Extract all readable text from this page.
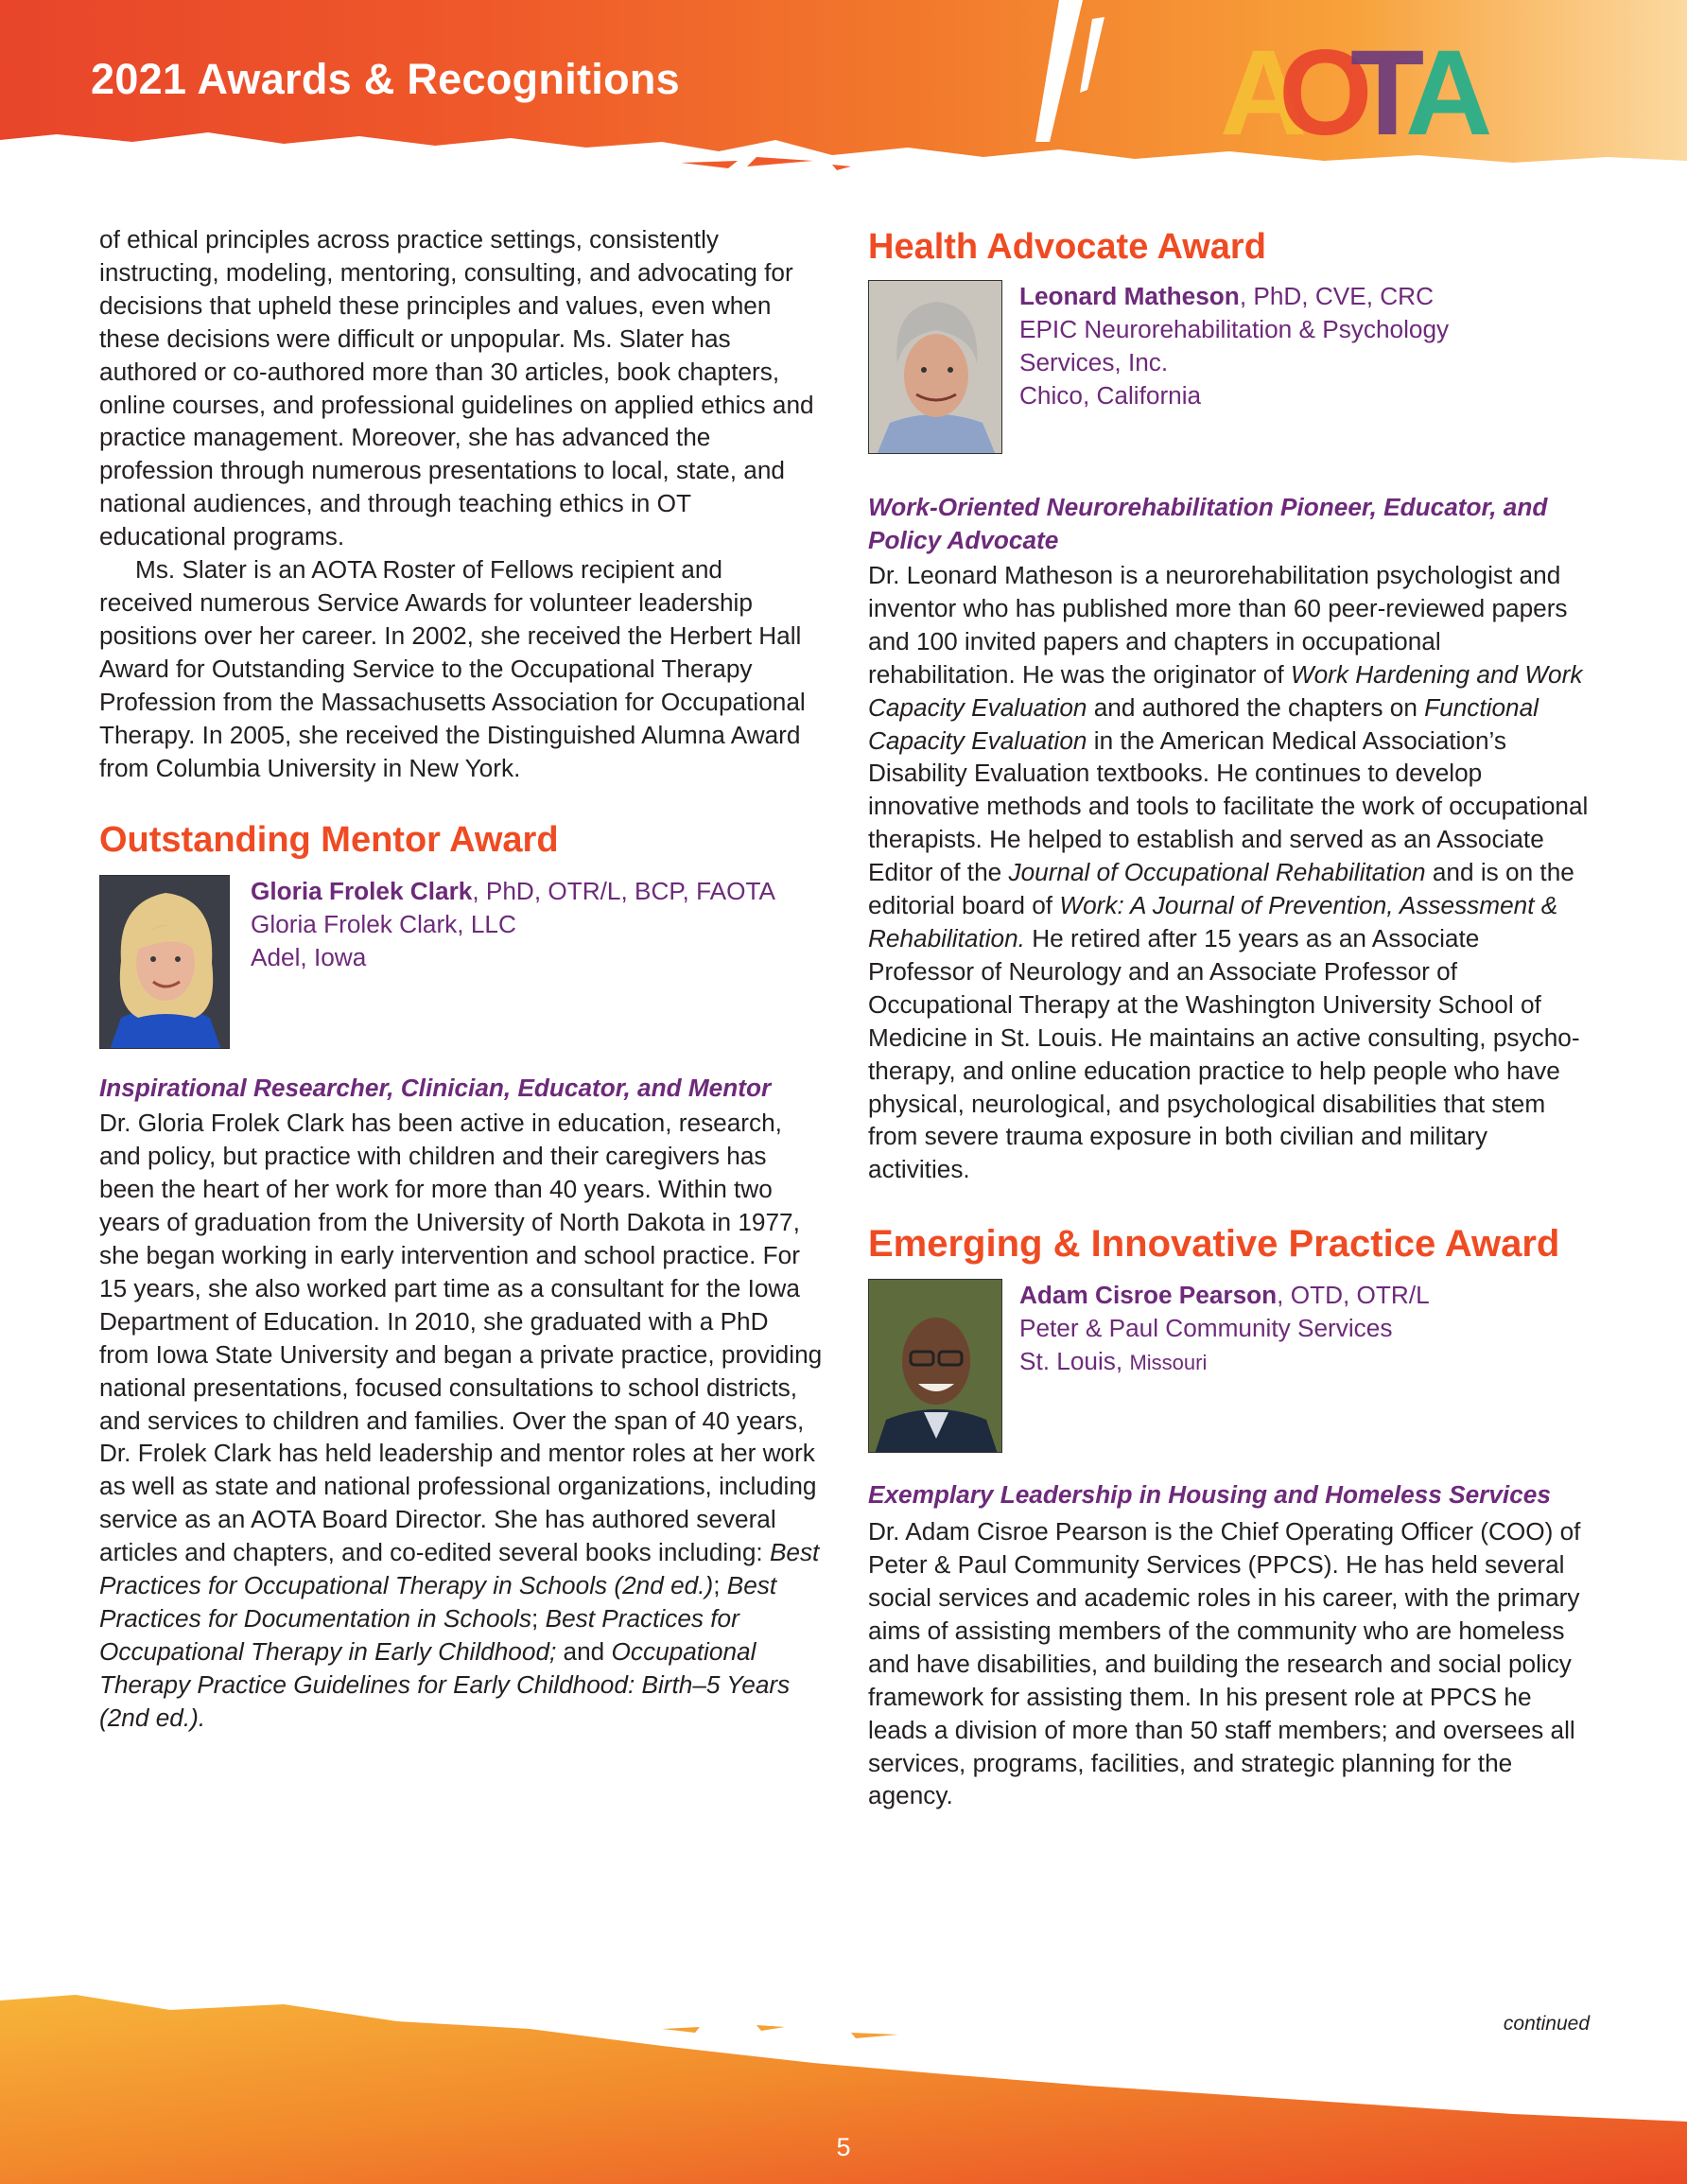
2021 Awards & Recognitions	A
O
T A

of ethical principles across practice settings, consistently instructing, modeling, mentoring, consulting, and advocating for decisions that upheld these principles and values, even when these decisions were difficult or unpopular. Ms. Slater has authored or co-authored more than 30 articles, book chapters, online courses, and professional guidelines on applied ethics and practice management. Moreover, she has advanced the profession through numerous presentations to local, state, and national audiences, and through teaching ethics in OT educational programs.

Ms. Slater is an AOTA Roster of Fellows recipient and received numerous Service Awards for volunteer leadership positions over her career. In 2002, she received the Herbert Hall Award for Outstanding Service to the Occupational Therapy Profession from the Massachusetts Association for Occupational Therapy. In 2005, she received the Distinguished Alumna Award from Columbia University in New York.

Outstanding Mentor Award
Gloria Frolek Clark, PhD, OTR/L, BCP, FAOTA
Gloria Frolek Clark, LLC
Adel, Iowa
Inspirational Researcher, Clinician, Educator, and Mentor

Dr. Gloria Frolek Clark has been active in education, research, and policy, but practice with children and their caregivers has been the heart of her work for more than 40 years. Within two years of graduation from the University of North Dakota in 1977, she began working in early intervention and school practice. For 15 years, she also worked part time as a consultant for the Iowa Department of Education. In 2010, she graduated with a PhD from Iowa State University and began a private practice, providing national presentations, focused consultations to school districts, and services to children and families. Over the span of 40 years, Dr. Frolek Clark has held leadership and mentor roles at her work as well as state and national professional organizations, including service as an AOTA Board Director. She has authored several articles and chapters, and co-edited several books including: Best Practices for Occupational Therapy in Schools (2nd ed.); Best Practices for Documentation in Schools; Best Practices for Occupational Therapy in Early Childhood; and Occupational Therapy Practice Guidelines for Early Childhood: Birth–5 Years (2nd ed.).

Health Advocate Award
Leonard Matheson, PhD, CVE, CRC
EPIC Neurorehabilitation & Psychology
Services, Inc.
Chico, California
Work-Oriented Neurorehabilitation Pioneer, Educator, and Policy Advocate

Dr. Leonard Matheson is a neurorehabilitation psychologist and inventor who has published more than 60 peer-reviewed papers and 100 invited papers and chapters in occupational rehabilitation. He was the originator of Work Hardening and Work Capacity Evaluation and authored the chapters on Functional Capacity Evaluation in the American Medical Association’s Disability Evaluation textbooks. He continues to develop innovative methods and tools to facilitate the work of occupational therapists. He helped to establish and served as an Associate Editor of the Journal of Occupational Rehabilitation and is on the editorial board of Work: A Journal of Prevention, Assessment & Rehabilitation. He retired after 15 years as an Associate Professor of Neurology and an Associate Professor of Occupational Therapy at the Washington University School of Medicine in St. Louis. He maintains an active consulting, psychotherapy, and online education practice to help people who have physical, neurological, and psychological disabilities that stem from severe trauma exposure in both civilian and military activities.

Emerging & Innovative Practice Award
Adam Cisroe Pearson, OTD, OTR/L
Peter & Paul Community Services
St. Louis, Missouri
Exemplary Leadership in Housing and Homeless Services

Dr. Adam Cisroe Pearson is the Chief Operating Officer (COO) of Peter & Paul Community Services (PPCS). He has held several social services and academic roles in his career, with the primary aims of assisting members of the community who are homeless and have disabilities, and building the research and social policy framework for assisting them. In his present role at PPCS he leads a division of more than 50 staff members; and oversees all services, programs, facilities, and strategic planning for the agency.

continued
5
